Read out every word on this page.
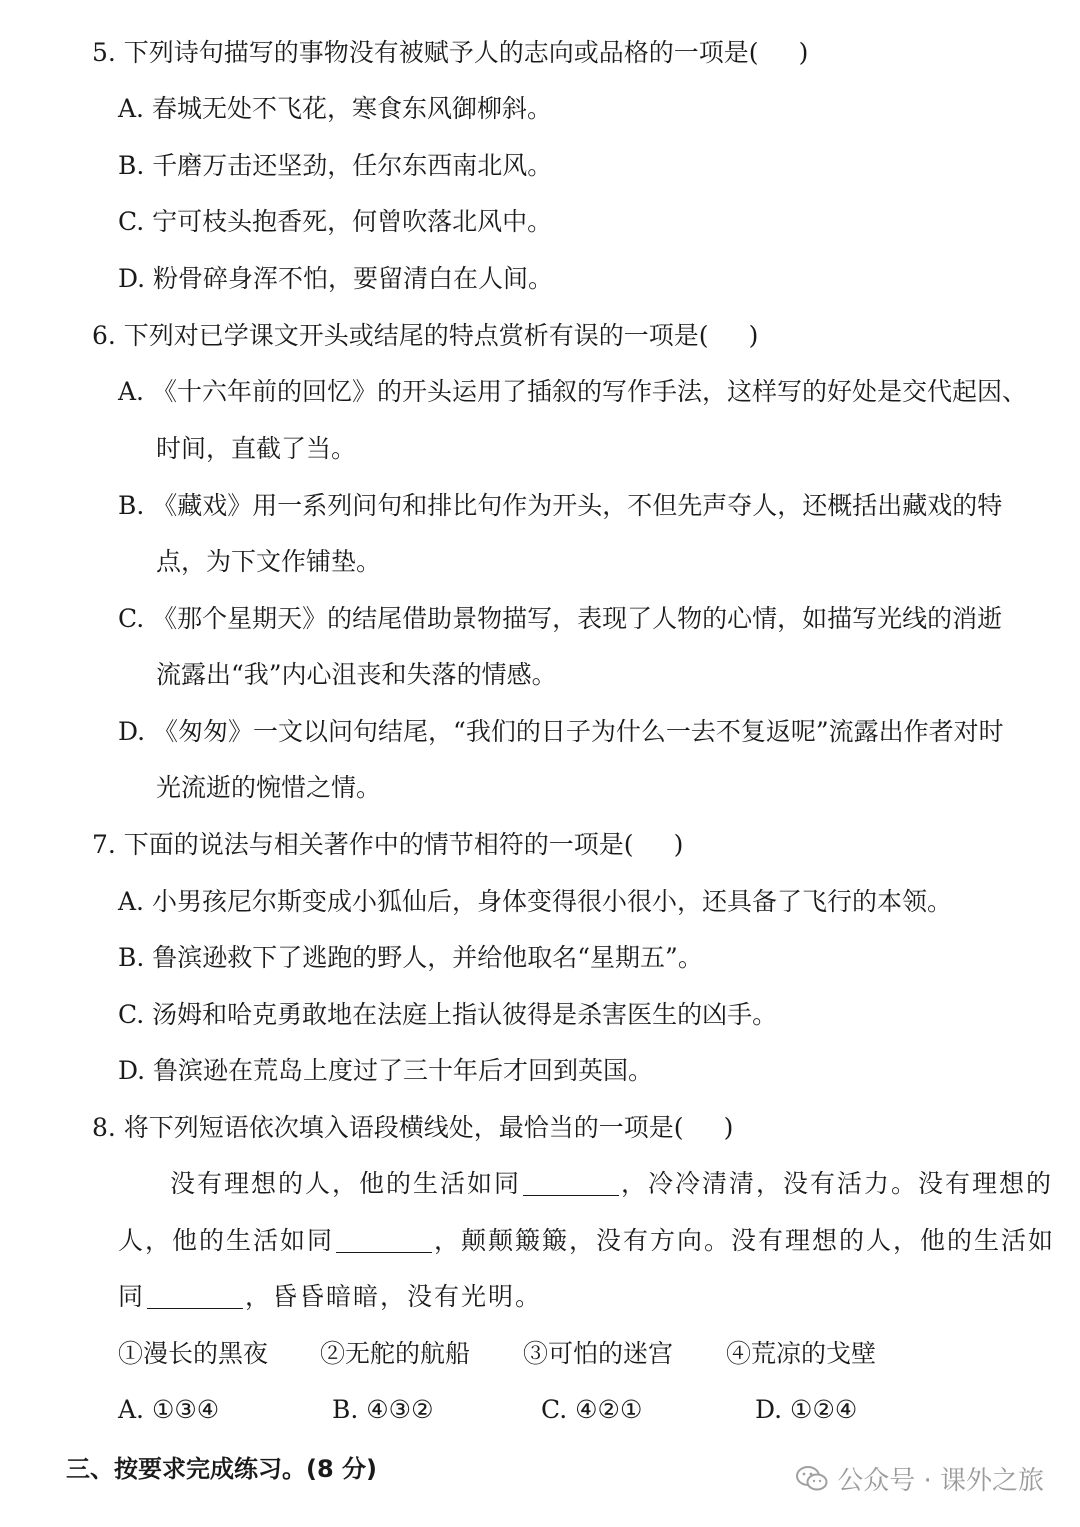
5. 下列诗句描写的事物没有被赋予人的志向或品格的一项是( )
A. 春城无处不飞花，寒食东风御柳斜。
B. 千磨万击还坚劲，任尔东西南北风。
C. 宁可枝头抱香死，何曾吹落北风中。
D. 粉骨碎身浑不怕，要留清白在人间。
6. 下列对已学课文开头或结尾的特点赏析有误的一项是( )
A. 《十六年前的回忆》的开头运用了插叙的写作手法，这样写的好处是交代起因、
时间，直截了当。
B. 《藏戏》用一系列问句和排比句作为开头，不但先声夺人，还概括出藏戏的特
点，为下文作铺垫。
C. 《那个星期天》的结尾借助景物描写，表现了人物的心情，如描写光线的消逝
流露出“我”内心沮丧和失落的情感。
D. 《匆匆》一文以问句结尾，“我们的日子为什么一去不复返呢”流露出作者对时
光流逝的惋惜之情。
7. 下面的说法与相关著作中的情节相符的一项是( )
A. 小男孩尼尔斯变成小狐仙后，身体变得很小很小，还具备了飞行的本领。
B. 鲁滨逊救下了逃跑的野人，并给他取名“星期五”。
C. 汤姆和哈克勇敢地在法庭上指认彼得是杀害医生的凶手。
D. 鲁滨逊在荒岛上度过了三十年后才回到英国。
8. 将下列短语依次填入语段横线处，最恰当的一项是( )
没有理想的人，他的生活如同	，冷冷清清，没有活力。没有理想的
人，他的生活如同	，颠颠簸簸，没有方向。没有理想的人，他的生活如
同	，昏昏暗暗，没有光明。
①漫长的黑夜 ②无舵的航船 ③可怕的迷宫 ④荒凉的戈壁
A. ①③④	B. ④③②	C. ④②①	D. ①②④
三、按要求完成练习。(8 分)	公众号 · 课外之旅
